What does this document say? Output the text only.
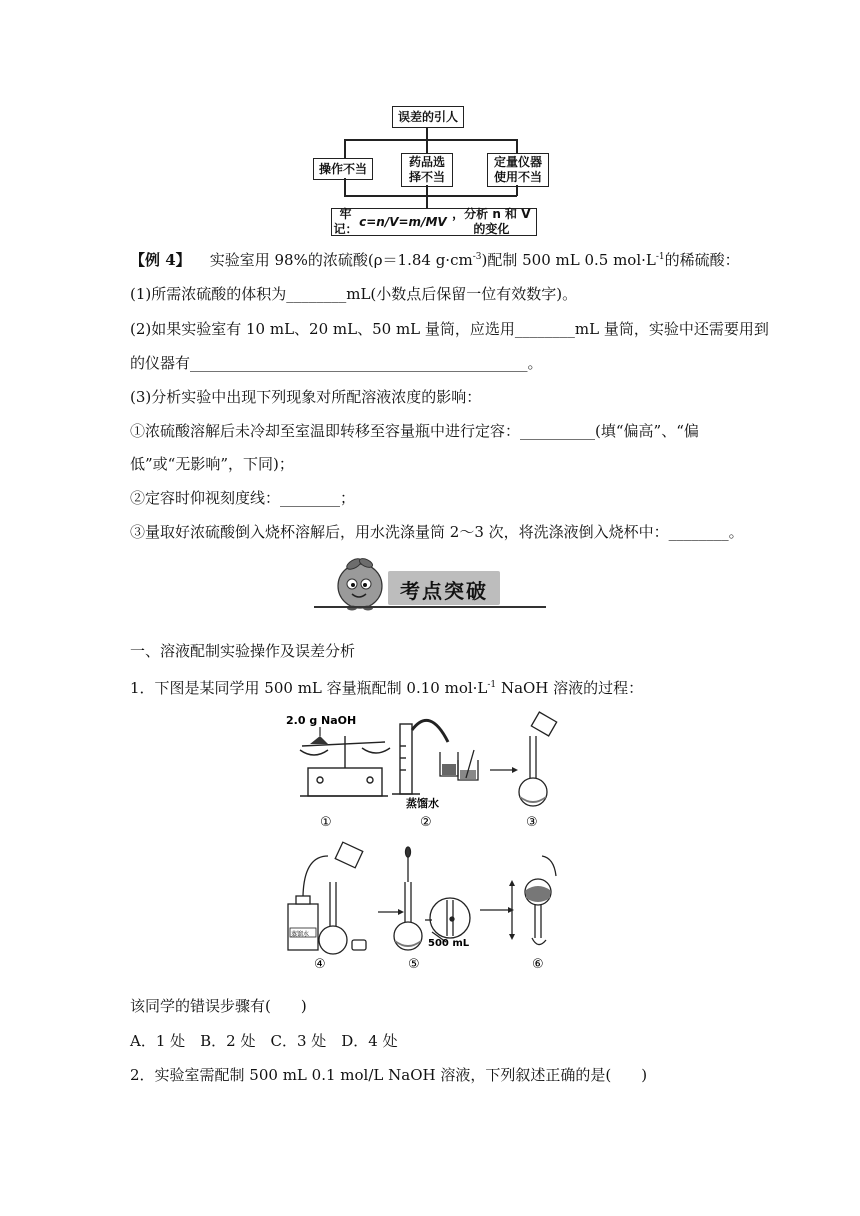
误差的引人
操作不当	药品选
择不当
定量仪器
使用不当
牢记：
c=n/V=m/MV
，分析 n 和 V 的变化
【例 4】 实验室用 98%的浓硫酸(ρ＝1.84 $g\cdot cm^{-3}$)配制 500 mL 0.5 $mol\cdot L^{-1}$的稀硫酸：
(1)所需浓硫酸的体积为________mL(小数点后保留一位有效数字)。
(2)如果实验室有 10 mL、20 mL、50 mL 量筒，应选用________mL 量筒，实验中还需要用到
的仪器有_____________________________________________。
(3)分析实验中出现下列现象对所配溶液浓度的影响：
①浓硫酸溶解后未冷却至室温即转移至容量瓶中进行定容：__________(填“偏高”、“偏
低”或“无影响”，下同)；
②定容时仰视刻度线：________；
③量取好浓硫酸倒入烧杯溶解后，用水洗涤量筒 2～3 次，将洗涤液倒入烧杯中：________。
考点突破
一、溶液配制实验操作及误差分析
1．下图是某同学用 500 mL 容量瓶配制 0.10 $mol\cdot L^{-1}$ NaOH 溶液的过程：
2.0 g NaOH
蒸馏水
①	②	③
蒸馏水
④
500 mL
⑤	⑥
该同学的错误步骤有(　　)
A．1 处　B．2 处　C．3 处　D．4 处
2．实验室需配制 500 mL 0.1 mol/L NaOH 溶液，下列叙述正确的是(　　)
